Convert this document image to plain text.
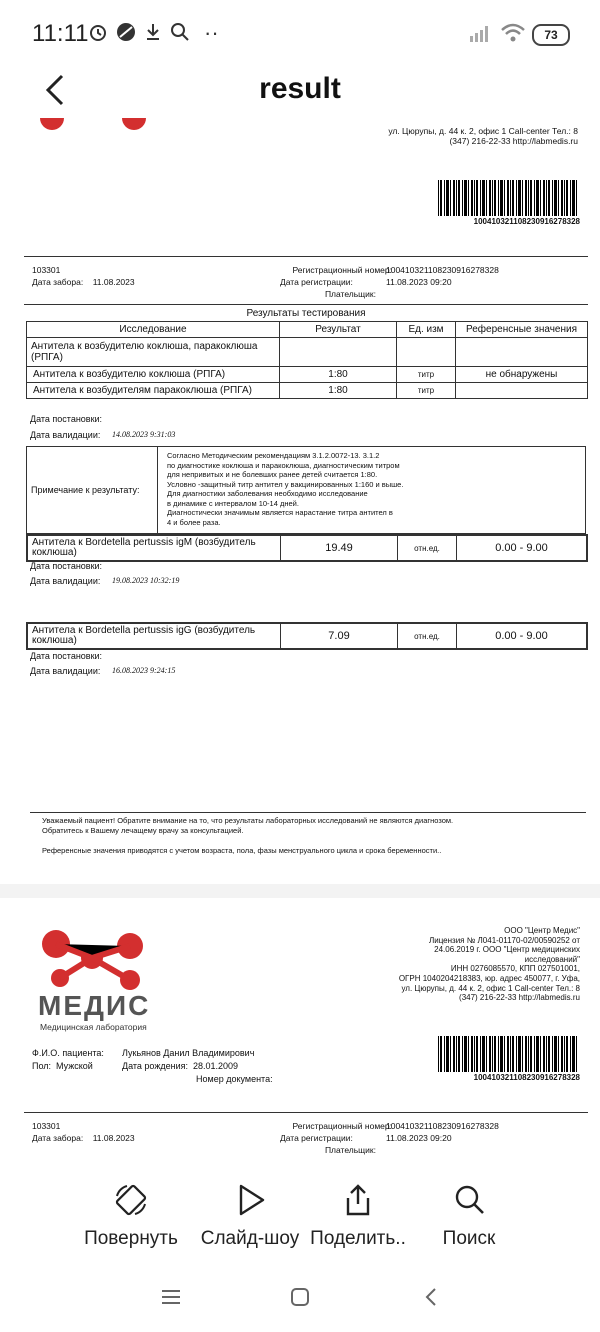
11:11	··	73
result
ул. Цюрупы, д. 44 к. 2, офис 1 Call-center Тел.: 8
(347) 216-22-33 http://labmedis.ru
100410321108230916278328
103301
Дата забора: 11.08.2023
Регистрационный номер:
100410321108230916278328
Дата регистрации:	11.08.2023 09:20
Плательщик:
Результаты тестирования
Исследование	Результат	Ед. изм	Референсные значения
Антитела к возбудителю коклюша, паракоклюша (РПГА)			
Антитела к возбудителю коклюша (РПГА)	1:80	титр	не обнаружены
Антитела к возбудителям паракоклюша (РПГА)	1:80	титр	
Дата постановки:
Дата валидации: 14.08.2023 9:31:03
Примечание к результату:
Согласно Методическим рекомендациям 3.1.2.0072-13. 3.1.2
по диагностике коклюша и паракоклюша, диагностическим титром
для непривитых и не болевших ранее детей считается 1:80.
Условно -защитный титр антител у вакцинированных 1:160 и выше.
Для диагностики заболевания необходимо исследование
в динамике с интервалом 10-14 дней.
Диагностически значимым является нарастание титра антител в
4 и более раза.
Антитела к Bordetella pertussis igM (возбудитель коклюша)	19.49	отн.ед.	0.00 - 9.00
Дата постановки:
Дата валидации: 19.08.2023 10:32:19
Антитела к Bordetella pertussis igG (возбудитель коклюша)	7.09	отн.ед.	0.00 - 9.00
Дата постановки:
Дата валидации: 16.08.2023 9:24:15
Уважаемый пациент! Обратите внимание на то, что результаты лабораторных исследований не являются диагнозом.
Обратитесь к Вашему лечащему врачу за консультацией.
Референсные значения приводятся с учетом возраста, пола, фазы менструального цикла и срока беременности..
МЕДИС
Медицинская лаборатория
ООО "Центр Медис"
Лицензия № Л041-01170-02/00590252 от
24.06.2019 г. ООО "Центр медицинских
исследований"
ИНН 0276085570, КПП 027501001,
ОГРН 1040204218383, юр. адрес 450077, г. Уфа,
ул. Цюрупы, д. 44 к. 2, офис 1 Call-center Тел.: 8
(347) 216-22-33 http://labmedis.ru
Ф.И.О. пациента: Лукьянов Данил Владимирович
Пол: Мужской	Дата рождения: 28.01.2009
Номер документа:	100410321108230916278328
103301
Дата забора: 11.08.2023
Регистрационный номер:
100410321108230916278328
Дата регистрации:	11.08.2023 09:20
Плательщик:
Повернуть	Слайд-шоу Поделить..	Поиск
